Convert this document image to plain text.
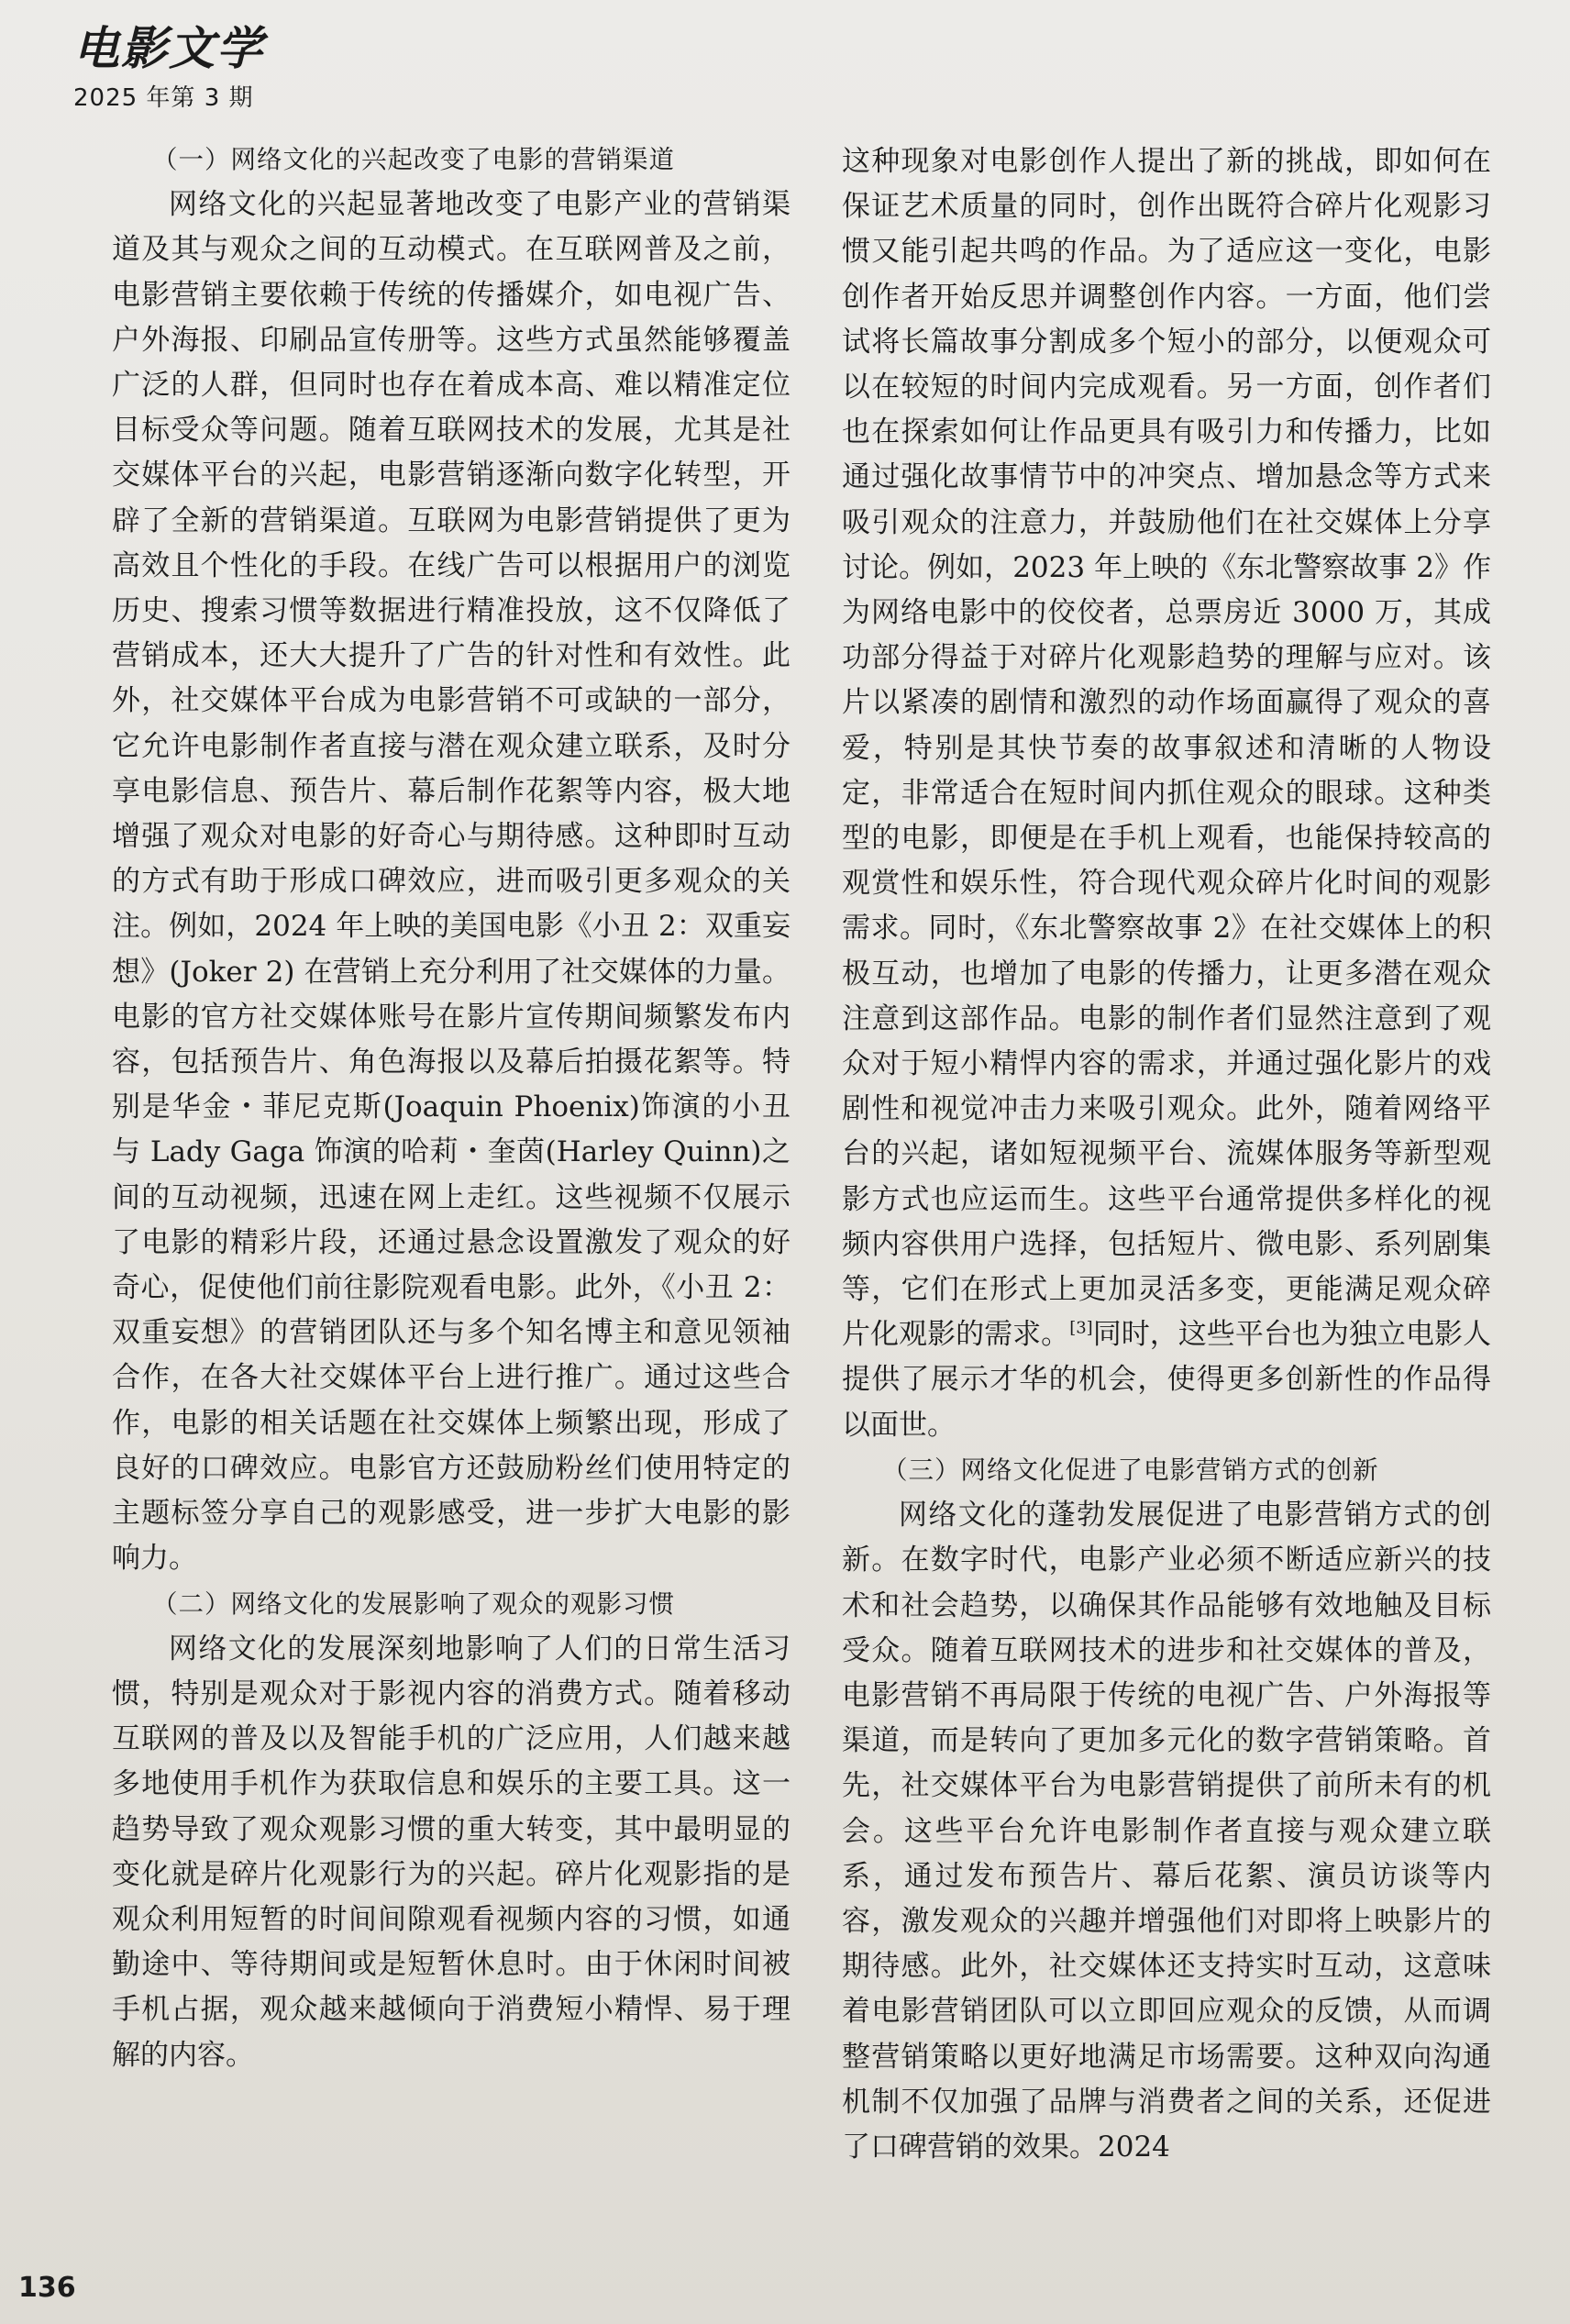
电影文学
2025 年第 3 期
（一）网络文化的兴起改变了电影的营销渠道

网络文化的兴起显著地改变了电影产业的营销渠道及其与观众之间的互动模式。在互联网普及之前，电影营销主要依赖于传统的传播媒介，如电视广告、户外海报、印刷品宣传册等。这些方式虽然能够覆盖广泛的人群，但同时也存在着成本高、难以精准定位目标受众等问题。随着互联网技术的发展，尤其是社交媒体平台的兴起，电影营销逐渐向数字化转型，开辟了全新的营销渠道。互联网为电影营销提供了更为高效且个性化的手段。在线广告可以根据用户的浏览历史、搜索习惯等数据进行精准投放，这不仅降低了营销成本，还大大提升了广告的针对性和有效性。此外，社交媒体平台成为电影营销不可或缺的一部分，它允许电影制作者直接与潜在观众建立联系，及时分享电影信息、预告片、幕后制作花絮等内容，极大地增强了观众对电影的好奇心与期待感。这种即时互动的方式有助于形成口碑效应，进而吸引更多观众的关注。例如，2024 年上映的美国电影《小丑 2：双重妄想》(Joker 2) 在营销上充分利用了社交媒体的力量。电影的官方社交媒体账号在影片宣传期间频繁发布内容，包括预告片、角色海报以及幕后拍摄花絮等。特别是华金・菲尼克斯(Joaquin Phoenix)饰演的小丑与 Lady Gaga 饰演的哈莉・奎茵(Harley Quinn)之间的互动视频，迅速在网上走红。这些视频不仅展示了电影的精彩片段，还通过悬念设置激发了观众的好奇心，促使他们前往影院观看电影。此外，《小丑 2：双重妄想》的营销团队还与多个知名博主和意见领袖合作，在各大社交媒体平台上进行推广。通过这些合作，电影的相关话题在社交媒体上频繁出现，形成了良好的口碑效应。电影官方还鼓励粉丝们使用特定的主题标签分享自己的观影感受，进一步扩大电影的影响力。

（二）网络文化的发展影响了观众的观影习惯

网络文化的发展深刻地影响了人们的日常生活习惯，特别是观众对于影视内容的消费方式。随着移动互联网的普及以及智能手机的广泛应用，人们越来越多地使用手机作为获取信息和娱乐的主要工具。这一趋势导致了观众观影习惯的重大转变，其中最明显的变化就是碎片化观影行为的兴起。碎片化观影指的是观众利用短暂的时间间隙观看视频内容的习惯，如通勤途中、等待期间或是短暂休息时。由于休闲时间被手机占据，观众越来越倾向于消费短小精悍、易于理解的内容。

这种现象对电影创作人提出了新的挑战，即如何在保证艺术质量的同时，创作出既符合碎片化观影习惯又能引起共鸣的作品。为了适应这一变化，电影创作者开始反思并调整创作内容。一方面，他们尝试将长篇故事分割成多个短小的部分，以便观众可以在较短的时间内完成观看。另一方面，创作者们也在探索如何让作品更具有吸引力和传播力，比如通过强化故事情节中的冲突点、增加悬念等方式来吸引观众的注意力，并鼓励他们在社交媒体上分享讨论。例如，2023 年上映的《东北警察故事 2》作为网络电影中的佼佼者，总票房近 3000 万，其成功部分得益于对碎片化观影趋势的理解与应对。该片以紧凑的剧情和激烈的动作场面赢得了观众的喜爱，特别是其快节奏的故事叙述和清晰的人物设定，非常适合在短时间内抓住观众的眼球。这种类型的电影，即便是在手机上观看，也能保持较高的观赏性和娱乐性，符合现代观众碎片化时间的观影需求。同时，《东北警察故事 2》在社交媒体上的积极互动，也增加了电影的传播力，让更多潜在观众注意到这部作品。电影的制作者们显然注意到了观众对于短小精悍内容的需求，并通过强化影片的戏剧性和视觉冲击力来吸引观众。此外，随着网络平台的兴起，诸如短视频平台、流媒体服务等新型观影方式也应运而生。这些平台通常提供多样化的视频内容供用户选择，包括短片、微电影、系列剧集等，它们在形式上更加灵活多变，更能满足观众碎片化观影的需求。[3]同时，这些平台也为独立电影人提供了展示才华的机会，使得更多创新性的作品得以面世。

（三）网络文化促进了电影营销方式的创新

网络文化的蓬勃发展促进了电影营销方式的创新。在数字时代，电影产业必须不断适应新兴的技术和社会趋势，以确保其作品能够有效地触及目标受众。随着互联网技术的进步和社交媒体的普及，电影营销不再局限于传统的电视广告、户外海报等渠道，而是转向了更加多元化的数字营销策略。首先，社交媒体平台为电影营销提供了前所未有的机会。这些平台允许电影制作者直接与观众建立联系，通过发布预告片、幕后花絮、演员访谈等内容，激发观众的兴趣并增强他们对即将上映影片的期待感。此外，社交媒体还支持实时互动，这意味着电影营销团队可以立即回应观众的反馈，从而调整营销策略以更好地满足市场需要。这种双向沟通机制不仅加强了品牌与消费者之间的关系，还促进了口碑营销的效果。2024

136
